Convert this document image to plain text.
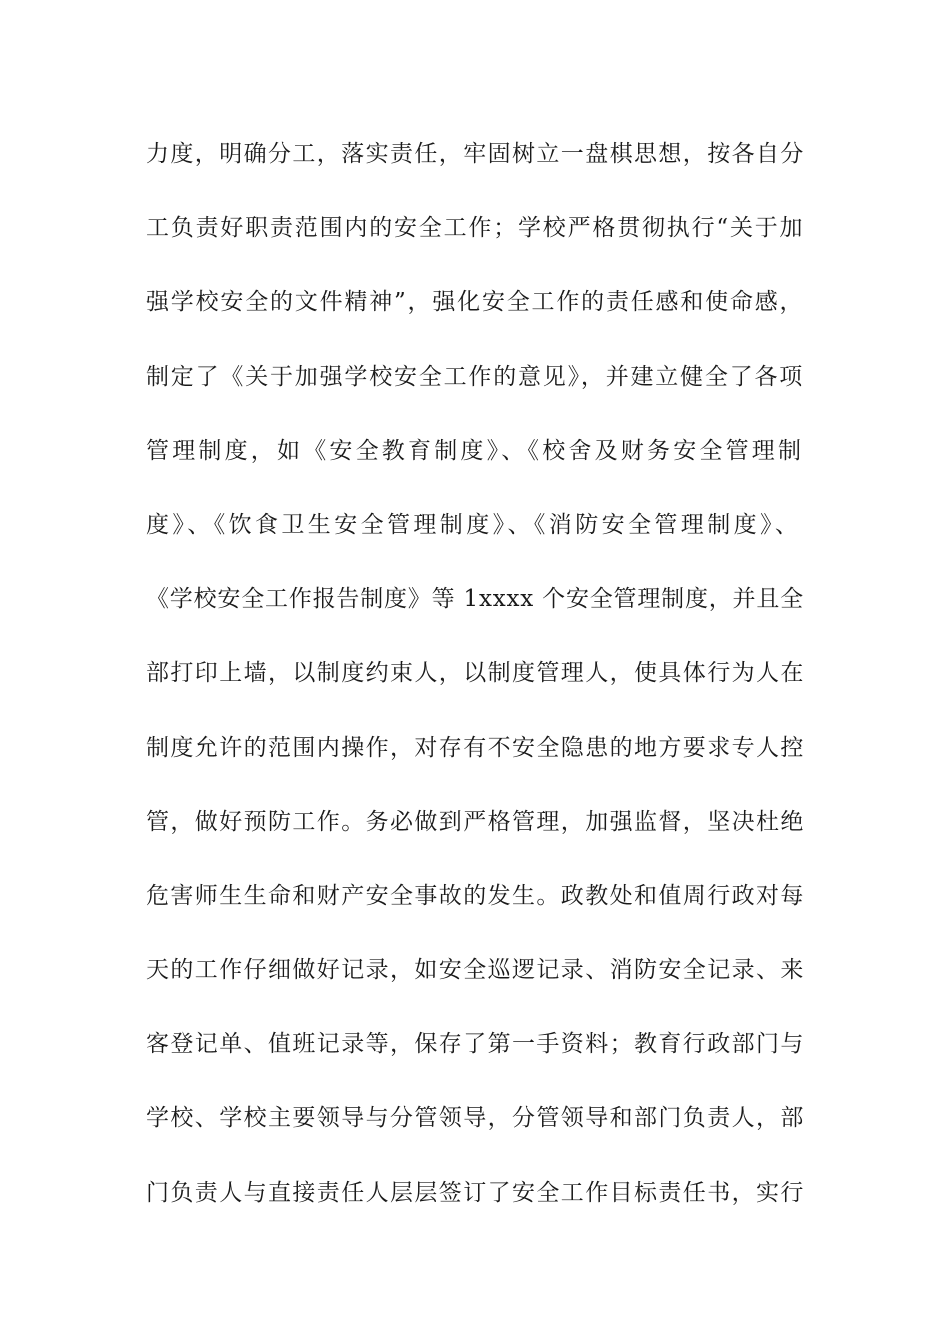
力度，明确分工，落实责任，牢固树立一盘棋思想，按各自分
工负责好职责范围内的安全工作；学校严格贯彻执行“关于加
强学校安全的文件精神”，强化安全工作的责任感和使命感，
制定了《关于加强学校安全工作的意见》，并建立健全了各项
管理制度，如《安全教育制度》、《校舍及财务安全管理制
度》、《饮食卫生安全管理制度》、《消防安全管理制度》、
《学校安全工作报告制度》等 1xxxx 个安全管理制度，并且全
部打印上墙，以制度约束人，以制度管理人，使具体行为人在
制度允许的范围内操作，对存有不安全隐患的地方要求专人控
管，做好预防工作。务必做到严格管理，加强监督，坚决杜绝
危害师生生命和财产安全事故的发生。政教处和值周行政对每
天的工作仔细做好记录，如安全巡逻记录、消防安全记录、来
客登记单、值班记录等，保存了第一手资料；教育行政部门与
学校、学校主要领导与分管领导，分管领导和部门负责人，部
门负责人与直接责任人层层签订了安全工作目标责任书，实行
